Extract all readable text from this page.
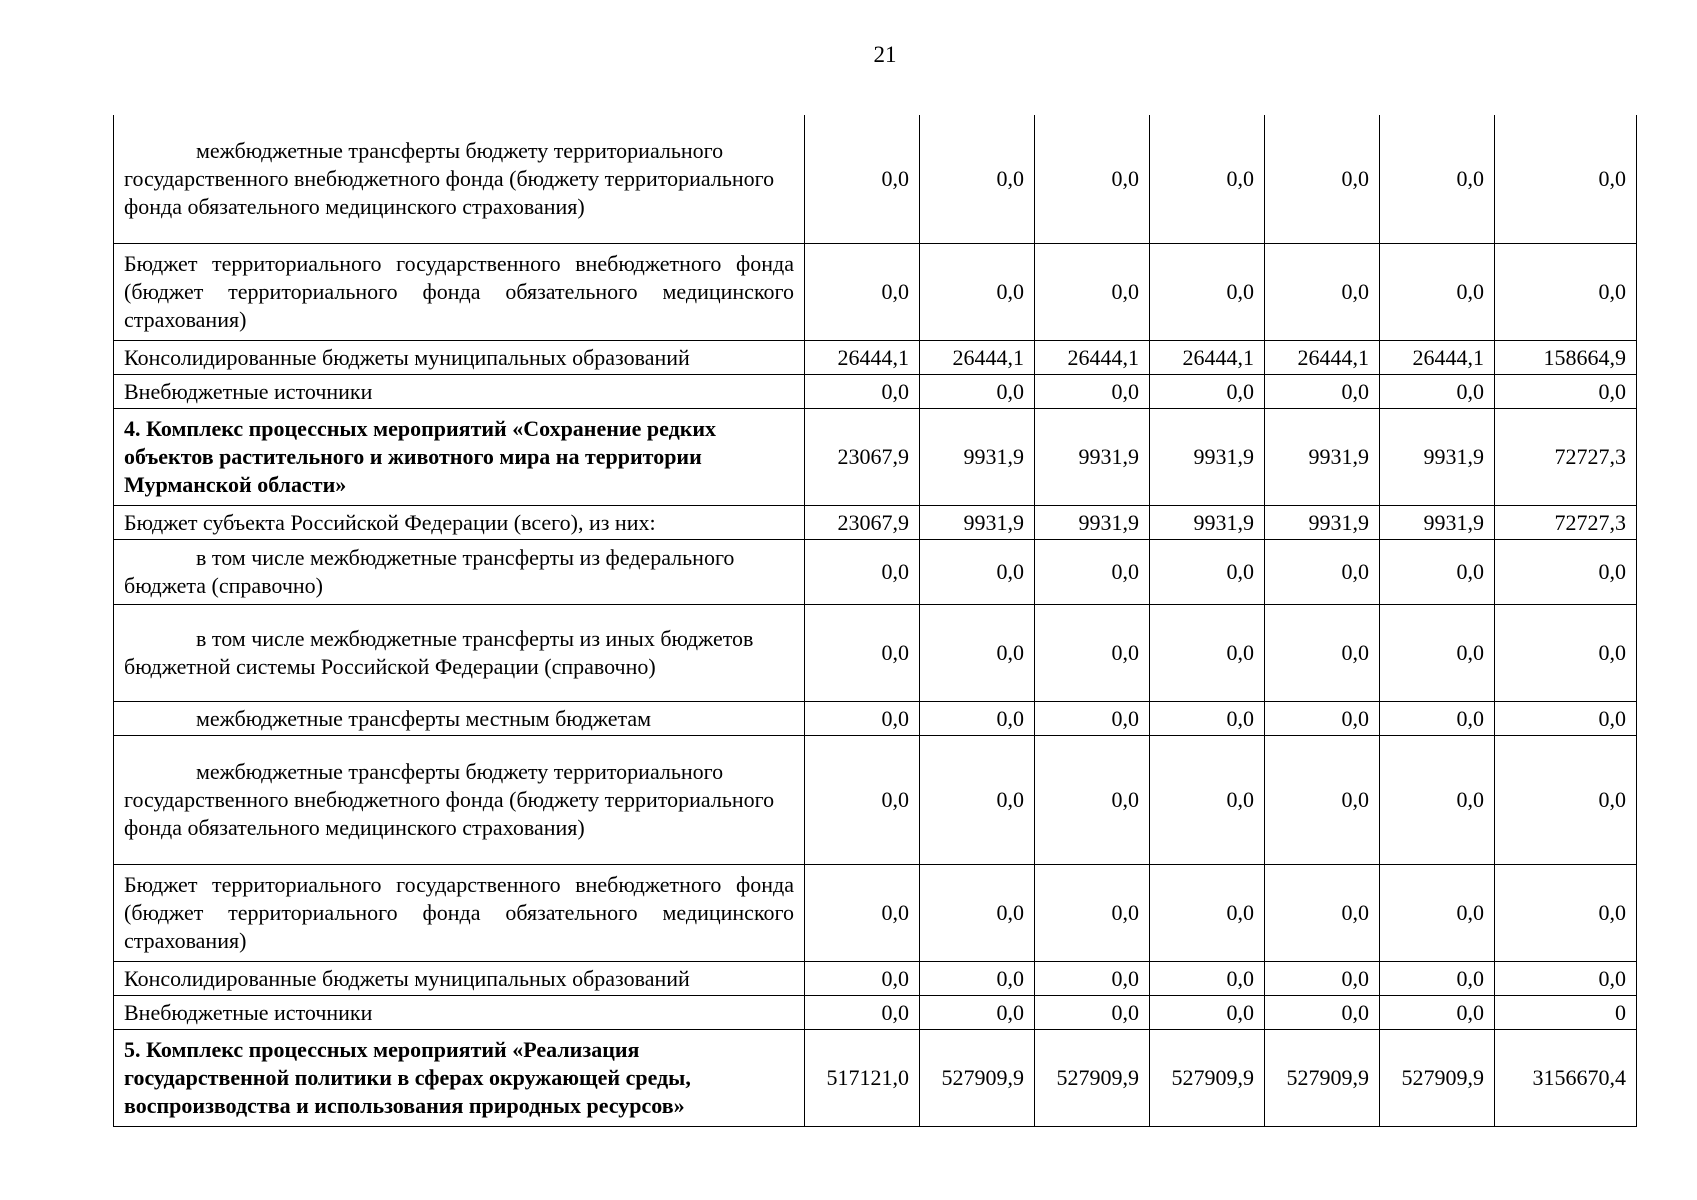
21
межбюджетные трансферты бюджету территориального государственного внебюджетного фонда (бюджету территориального фонда обязательного медицинского страхования)	0,0	0,0	0,0	0,0	0,0	0,0	0,0
Бюджет территориального государственного внебюджетного фонда (бюджет территориального фонда обязательного медицинского страхования)	0,0	0,0	0,0	0,0	0,0	0,0	0,0
Консолидированные бюджеты муниципальных образований	26444,1	26444,1	26444,1	26444,1	26444,1	26444,1	158664,9
Внебюджетные источники	0,0	0,0	0,0	0,0	0,0	0,0	0,0
4. Комплекс процессных мероприятий «Сохранение редких объектов растительного и животного мира на территории Мурманской области»	23067,9	9931,9	9931,9	9931,9	9931,9	9931,9	72727,3
Бюджет субъекта Российской Федерации (всего), из них:	23067,9	9931,9	9931,9	9931,9	9931,9	9931,9	72727,3
в том числе межбюджетные трансферты из федерального бюджета (справочно)	0,0	0,0	0,0	0,0	0,0	0,0	0,0
в том числе межбюджетные трансферты из иных бюджетов бюджетной системы Российской Федерации (справочно)	0,0	0,0	0,0	0,0	0,0	0,0	0,0
межбюджетные трансферты местным бюджетам	0,0	0,0	0,0	0,0	0,0	0,0	0,0
межбюджетные трансферты бюджету территориального государственного внебюджетного фонда (бюджету территориального фонда обязательного медицинского страхования)	0,0	0,0	0,0	0,0	0,0	0,0	0,0
Бюджет территориального государственного внебюджетного фонда (бюджет территориального фонда обязательного медицинского страхования)	0,0	0,0	0,0	0,0	0,0	0,0	0,0
Консолидированные бюджеты муниципальных образований	0,0	0,0	0,0	0,0	0,0	0,0	0,0
Внебюджетные источники	0,0	0,0	0,0	0,0	0,0	0,0	0
5. Комплекс процессных мероприятий «Реализация государственной политики в сферах окружающей среды, воспроизводства и использования природных ресурсов»	517121,0	527909,9	527909,9	527909,9	527909,9	527909,9	3156670,4
